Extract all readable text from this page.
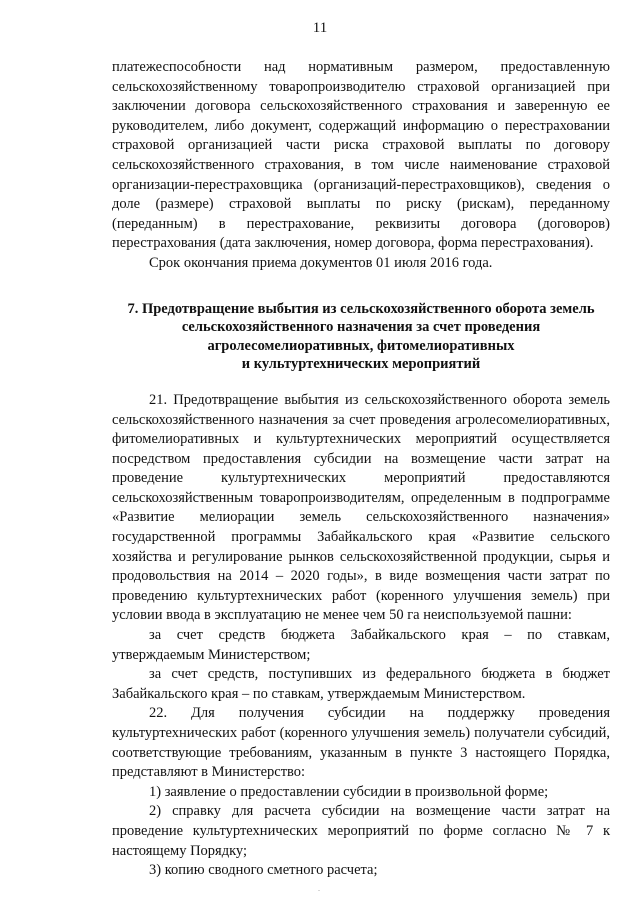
11

платежеспособности над нормативным размером, предоставленную сельскохозяйственному товаропроизводителю страховой организацией при заключении договора сельскохозяйственного страхования и заверенную ее руководителем, либо документ, содержащий информацию о перестраховании страховой организацией части риска страховой выплаты по договору сельскохозяйственного страхования, в том числе наименование страховой организации-перестраховщика (организаций-перестраховщиков), сведения о доле (размере) страховой выплаты по риску (рискам), переданному (переданным) в перестрахование, реквизиты договора (договоров) перестрахования (дата заключения, номер договора, форма перестрахования).

Срок окончания приема документов 01 июля 2016 года.

7. Предотвращение выбытия из сельскохозяйственного оборота земель
сельскохозяйственного назначения за счет проведения
агролесомелиоративных, фитомелиоративных
и культуртехнических мероприятий

21. Предотвращение выбытия из сельскохозяйственного оборота земель сельскохозяйственного назначения за счет проведения агролесомелиоративных, фитомелиоративных и культуртехнических мероприятий осуществляется посредством предоставления субсидии на возмещение части затрат на проведение культуртехнических мероприятий предоставляются сельскохозяйственным товаропроизводителям, определенным в подпрограмме «Развитие мелиорации земель сельскохозяйственного назначения» государственной программы Забайкальского края «Развитие сельского хозяйства и регулирование рынков сельскохозяйственной продукции, сырья и продовольствия на 2014 – 2020 годы», в виде возмещения части затрат по проведению культуртехнических работ (коренного улучшения земель) при условии ввода в эксплуатацию не менее чем 50 га неиспользуемой пашни:

за счет средств бюджета Забайкальского края – по ставкам, утверждаемым Министерством;

за счет средств, поступивших из федерального бюджета в бюджет Забайкальского края – по ставкам, утверждаемым Министерством.

22. Для получения субсидии на поддержку проведения культуртехнических работ (коренного улучшения земель) получатели субсидий, соответствующие требованиям, указанным в пункте 3 настоящего Порядка, представляют в Министерство:

1) заявление о предоставлении субсидии в произвольной форме;

2) справку для расчета субсидии на возмещение части затрат на проведение культуртехнических мероприятий по форме согласно № 7 к настоящему Порядку;

3) копию сводного сметного расчета;

.
